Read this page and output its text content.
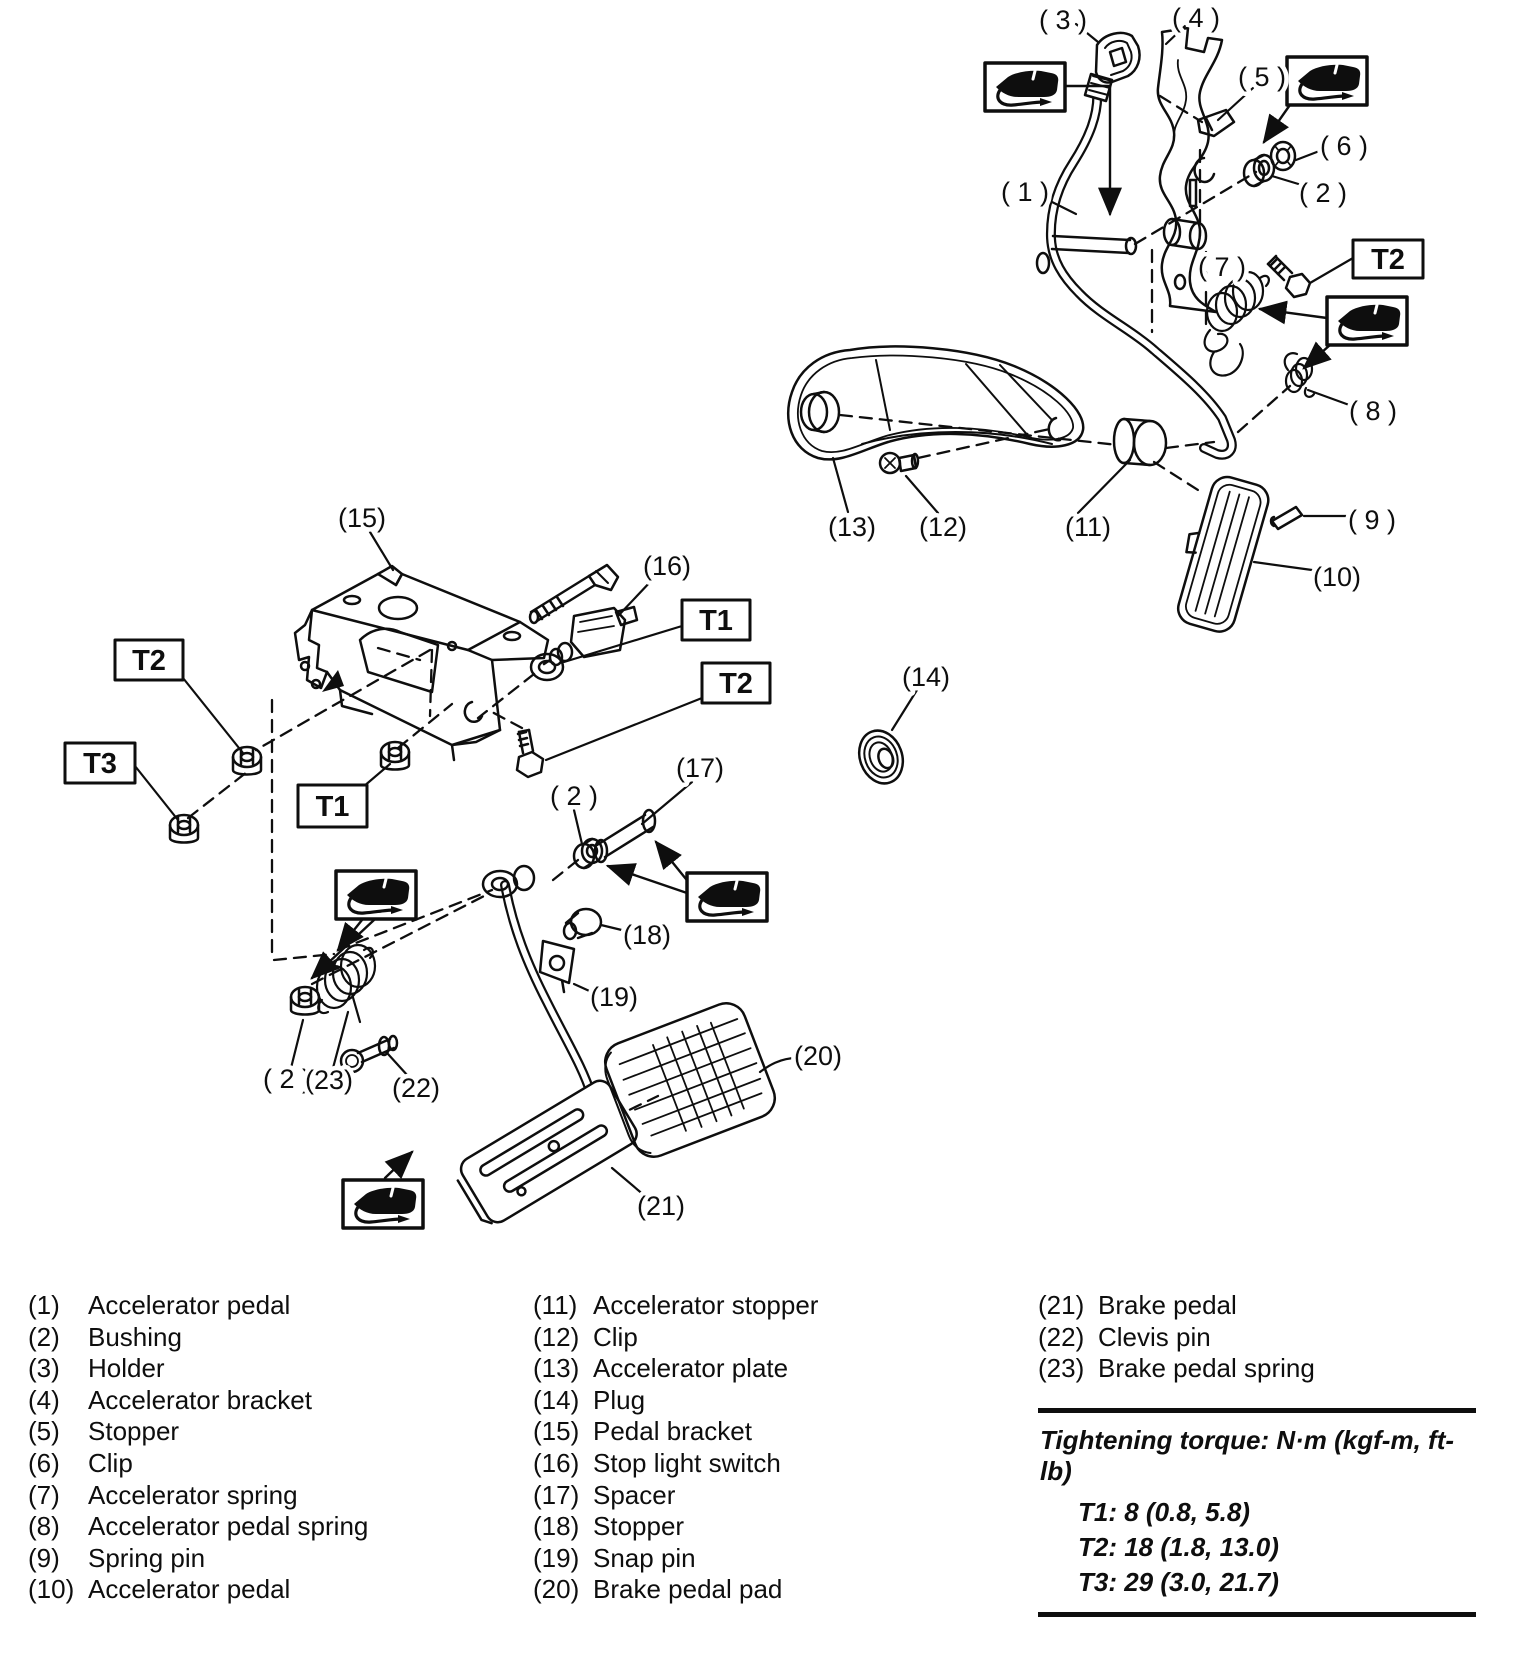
T2
T2
T3
T1
T1
T2
( 1 )	( 2 )
( 2 )
( 2 )
( 3 )	( 4 )
( 5 )
( 6 )
( 7 )
( 8 )
( 9 )
(10)
(11)
(12)
(13)
(14)
(15)
(16)
(17)
(18)
(19)
(20)
(21)
(22)
(23)
(1)	Accelerator pedal
(2)	Bushing
(3)	Holder
(4)	Accelerator bracket
(5)	Stopper
(6)	Clip
(7)	Accelerator spring
(8)	Accelerator pedal spring
(9)	Spring pin
(10) Accelerator pedal
(11) Accelerator stopper
(12) Clip
(13) Accelerator plate
(14) Plug
(15) Pedal bracket
(16) Stop light switch
(17) Spacer
(18) Stopper
(19) Snap pin
(20) Brake pedal pad
(21) Brake pedal
(22) Clevis pin
(23) Brake pedal spring
Tightening torque: N·m (kgf-m, ft-lb)
T1: 8 (0.8, 5.8)
T2: 18 (1.8, 13.0)
T3: 29 (3.0, 21.7)
